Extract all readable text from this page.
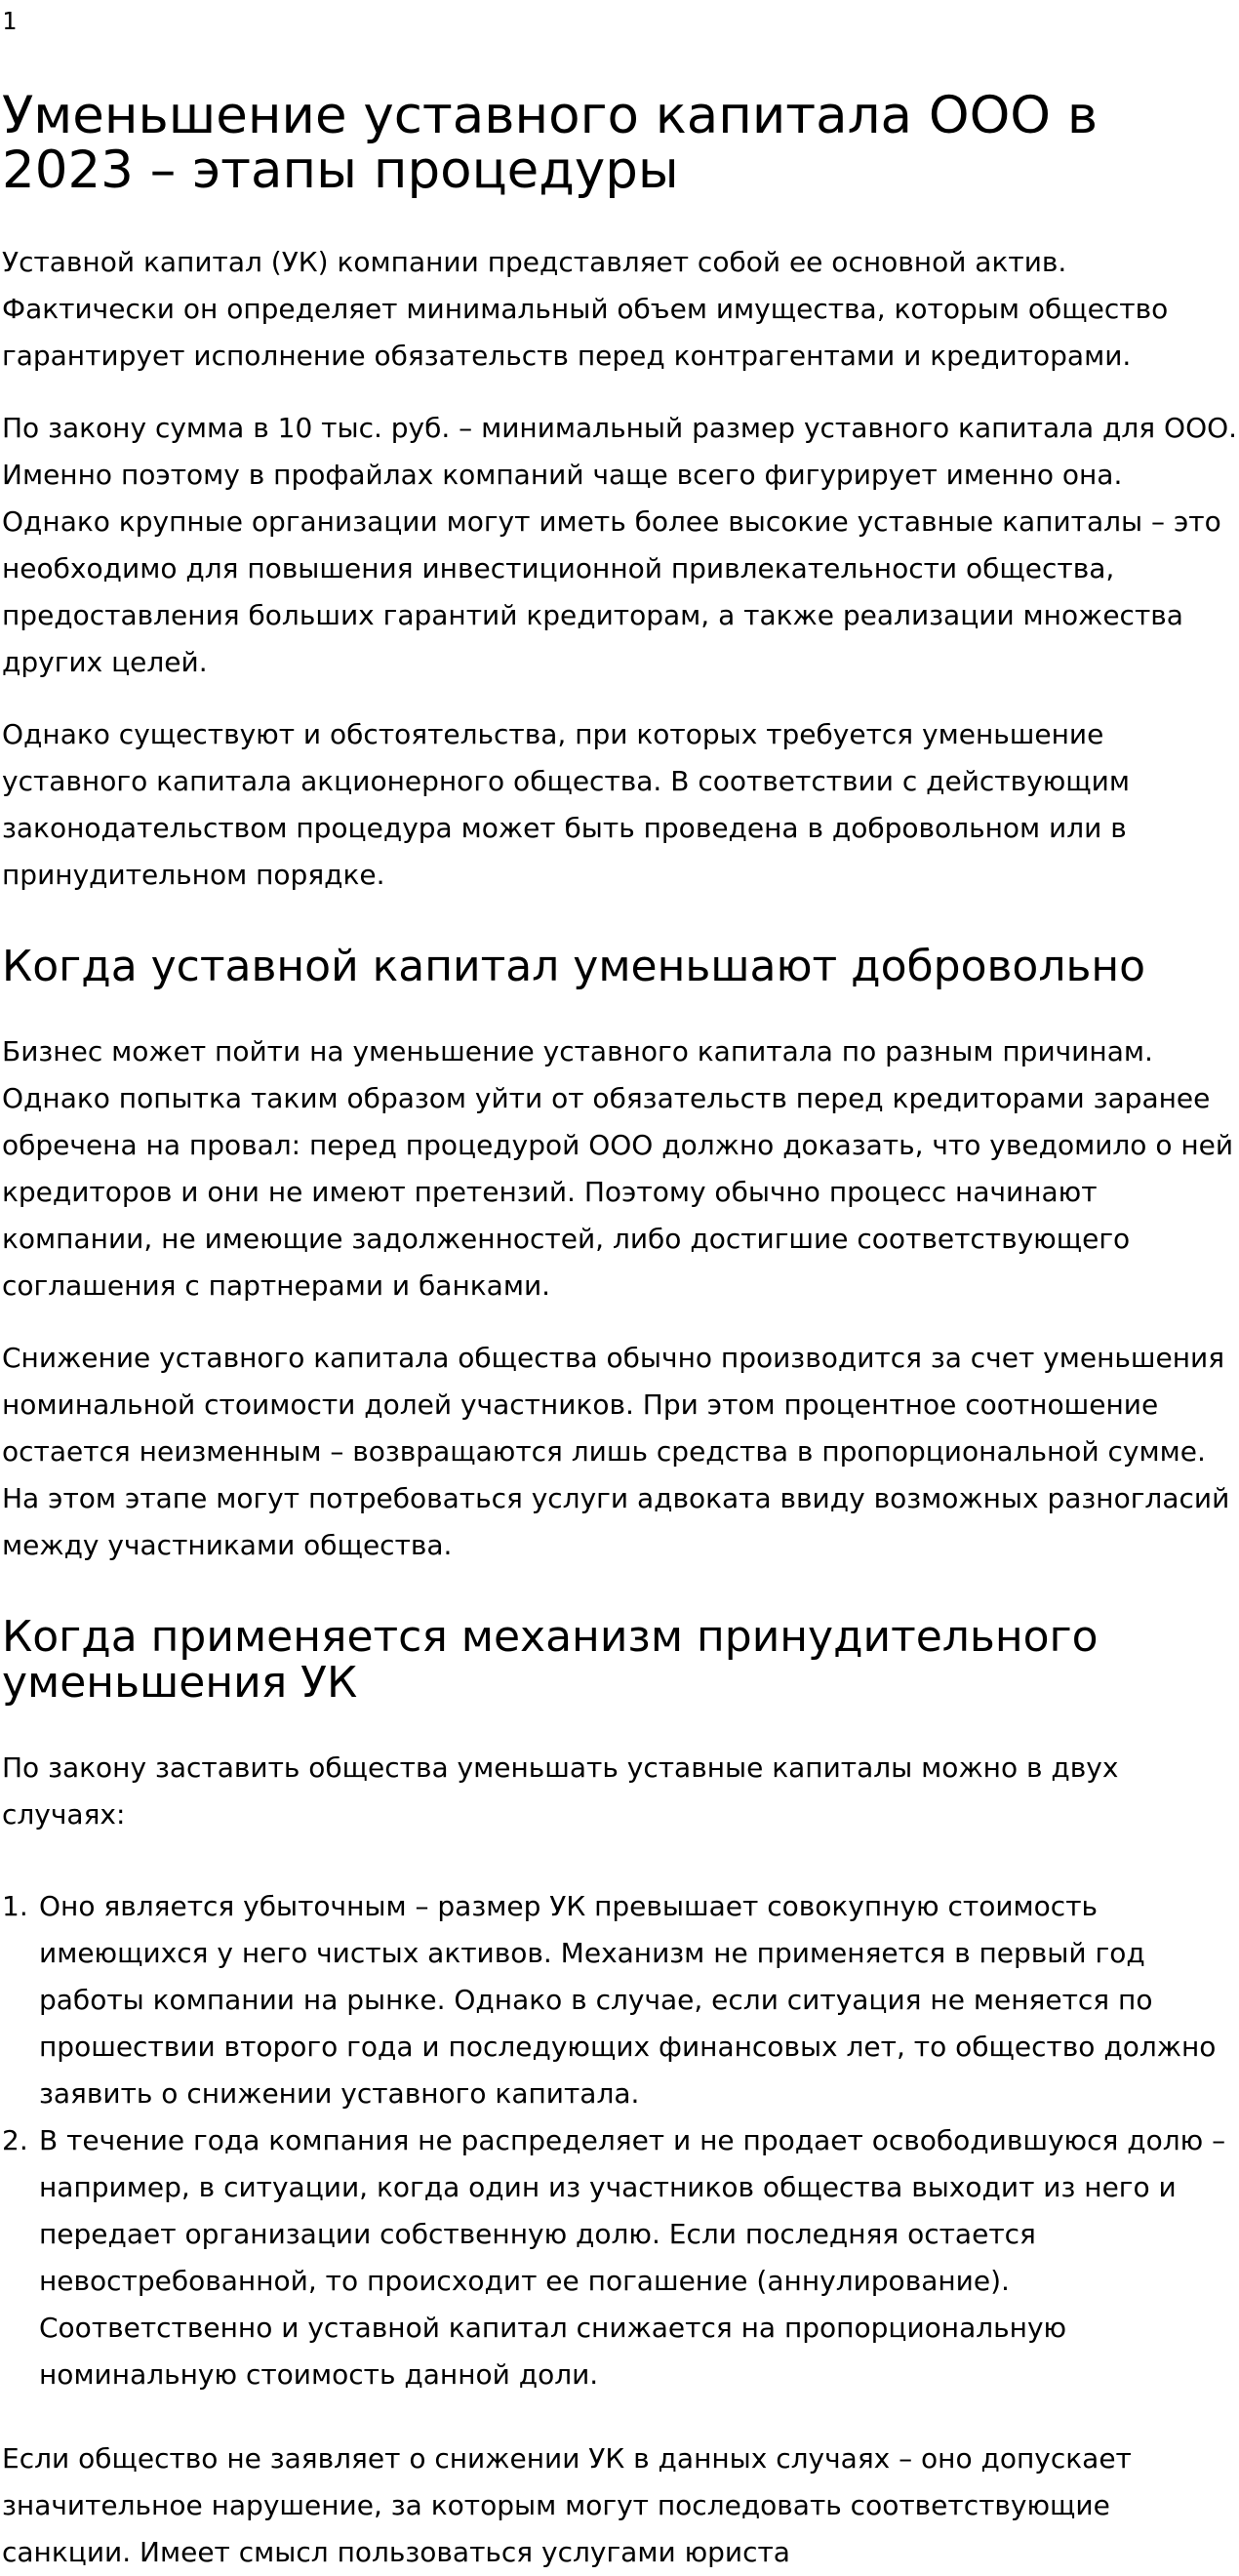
1
Уменьшение уставного капитала ООО в
2023 – этапы процедуры

Уставной капитал (УК) компании представляет собой ее основной актив. Фактически он определяет минимальный объем имущества, которым общество гарантирует исполнение обязательств перед контрагентами и кредиторами.

По закону сумма в 10 тыс. руб. – минимальный размер уставного капитала для ООО. Именно поэтому в профайлах компаний чаще всего фигурирует именно она. Однако крупные организации могут иметь более высокие уставные капиталы – это необходимо для повышения инвестиционной привлекательности общества, предоставления больших гарантий кредиторам, а также реализации множества других целей.

Однако существуют и обстоятельства, при которых требуется уменьшение уставного капитала акционерного общества. В соответствии с действующим законодательством процедура может быть проведена в добровольном или в принудительном порядке.

Когда уставной капитал уменьшают добровольно

Бизнес может пойти на уменьшение уставного капитала по разным причинам. Однако попытка таким образом уйти от обязательств перед кредиторами заранее обречена на провал: перед процедурой ООО должно доказать, что уведомило о ней кредиторов и они не имеют претензий. Поэтому обычно процесс начинают компании, не имеющие задолженностей, либо достигшие соответствующего соглашения с партнерами и банками.

Снижение уставного капитала общества обычно производится за счет уменьшения номинальной стоимости долей участников. При этом процентное соотношение остается неизменным – возвращаются лишь средства в пропорциональной сумме. На этом этапе могут потребоваться услуги адвоката ввиду возможных разногласий между участниками общества.

Когда применяется механизм принудительного
уменьшения УК

По закону заставить общества уменьшать уставные капиталы можно в двух случаях:

1. Оно является убыточным – размер УК превышает совокупную стоимость имеющихся у него чистых активов. Механизм не применяется в первый год работы компании на рынке. Однако в случае, если ситуация не меняется по прошествии второго года и последующих финансовых лет, то общество должно заявить о снижении уставного капитала.
2. В течение года компания не распределяет и не продает освободившуюся долю – например, в ситуации, когда один из участников общества выходит из него и передает организации собственную долю. Если последняя остается невостребованной, то происходит ее погашение (аннулирование). Соответственно и уставной капитал снижается на пропорциональную номинальную стоимость данной доли.

Если общество не заявляет о снижении УК в данных случаях – оно допускает значительное нарушение, за которым могут последовать соответствующие санкции. Имеет смысл пользоваться услугами юриста
